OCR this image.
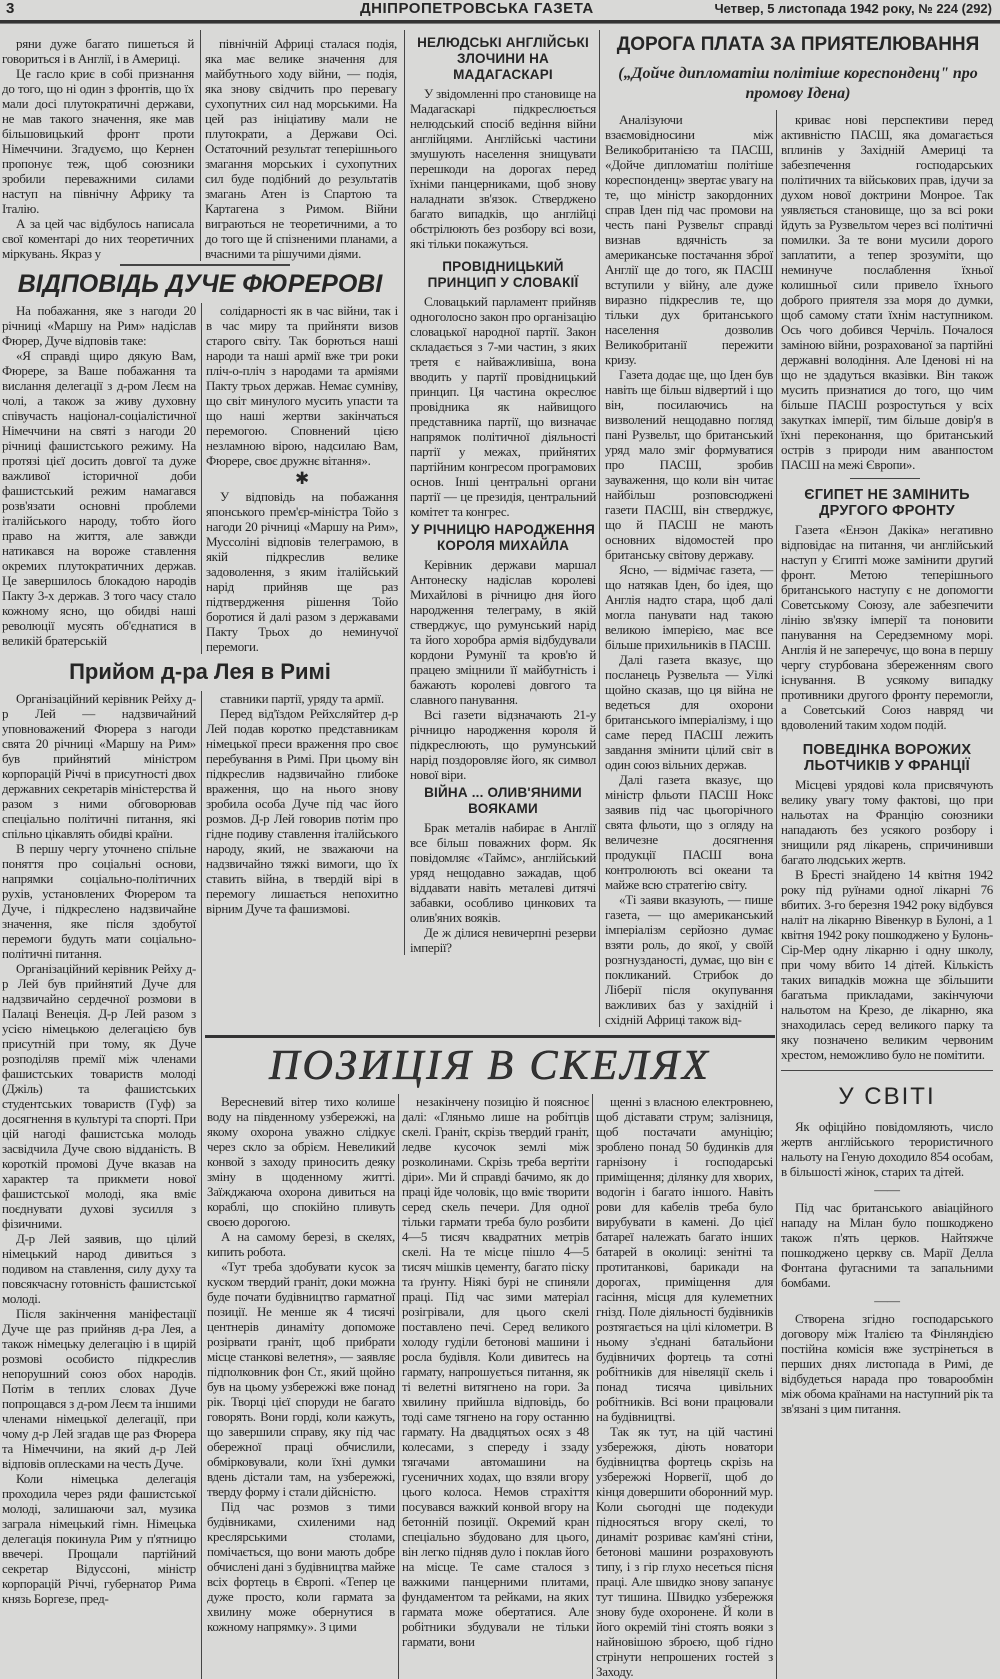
3	ДНІПРОПЕТРОВСЬКА ГАЗЕТА	Четвер, 5 листопада 1942 року, № 224 (292)

ряни дуже багато пишеться й говориться і в Англії, і в Америці.

Це гасло криє в собі признання до того, що ні один з фронтів, що їх мали досі плутократичні держави, не мав такого значення, яке мав більшовицький фронт проти Німеччини. Згадуємо, що Кернен пропонує теж, щоб союзники зробили переважними силами наступ на північну Африку та Італію.

А за цей час відбулось написала свої коментарі до них теоретичних міркувань. Якраз у

північній Африці сталася подія, яка має велике значення для майбутнього ходу війни, — подія, яка знову свідчить про перевагу сухопутних сил над морськими. На цей раз ініціативу мали не плутократи, а Держави Осі. Остаточний результат теперішнього змагання морських і сухопутних сил буде подібний до результатів змагань Атен із Спартою та Картагена з Римом. Війни виграються не теоретичними, а то до того ще й спізненими планами, а вчасними та рішучими діями.

ВІДПОВІДЬ ДУЧЕ ФЮРЕРОВІ

На побажання, яке з нагоди 20 річниці «Маршу на Рим» надіслав Фюрер, Дуче відповів таке:

«Я справді щиро дякую Вам, Фюрере, за Ваше побажання та вислання делегації з д-ром Леєм на чолі, а також за живу духовну співучасть націонал-соціалістичної Німеччини на святі з нагоди 20 річниці фашистського режиму. На протязі цієї досить довгої та дуже важливої історичної доби фашистський режим намагався розв'язати основні проблеми італійського народу, тобто його право на життя, але завжди натикався на вороже ставлення окремих плутократичних держав. Це завершилось блокадою народів Пакту 3-х держав. З того часу стало кожному ясно, що обидві наші революції мусять об'єднатися в великій братерській

солідарності як в час війни, так і в час миру та прийняти визов старого світу. Так борються наші народи та наші армії вже три роки пліч-о-пліч з народами та арміями Пакту трьох держав. Немає сумніву, що світ минулого мусить упасти та що наші жертви закінчаться перемогою. Сповнений цією незламною вірою, надсилаю Вам, Фюрере, своє дружнє вітання».

✱

У відповідь на побажання японського прем'єр-міністра Тойо з нагоди 20 річниці «Маршу на Рим», Муссоліні відповів телеграмою, в якій підкреслив велике задоволення, з яким італійський нарід прийняв ще раз підтвердження рішення Тойо боротися й далі разом з державами Пакту Трьох до неминучої перемоги.

Прийом д-ра Лея в Римі

Організаційний керівник Рейху д-р Лей — надзвичайний уповноважений Фюрера з нагоди свята 20 річниці «Маршу на Рим» був прийнятий міністром корпорацій Річчі в присутності двох державних секретарів міністерства й разом з ними обговорював спеціально політичні питання, які спільно цікавлять обидві країни.

В першу чергу уточнено спільне поняття про соціальні основи, напрямки соціально-політичних рухів, установлених Фюрером та Дуче, і підкреслено надзвичайне значення, яке після здобутої перемоги будуть мати соціально-політичні питання.

Організаційний керівник Рейху д-р Лей був прийнятий Дуче для надзвичайно сердечної розмови в Палаці Венеція. Д-р Лей разом з усією німецькою делегацією був присутній при тому, як Дуче розподіляв премії між членами фашистських товариств молоді (Джіль) та фашистських студентських товариств (Гуф) за досягнення в культурі та спорті. При цій нагоді фашистська молодь засвідчила Дуче свою відданість. В короткій промові Дуче вказав на характер та прикмети нової фашистської молоді, яка вміє поєднувати духові зусилля з фізичними.

Д-р Лей заявив, що цілий німецький народ дивиться з подивом на ставлення, силу духу та повсякчасну готовність фашистської молоді.

Після закінчення маніфестації Дуче ще раз прийняв д-ра Лея, а також німецьку делегацію і в щирій розмові особисто підкреслив непорушний союз обох народів. Потім в теплих словах Дуче попрощався з д-ром Леєм та іншими членами німецької делегації, при чому д-р Лей згадав ще раз Фюрера та Німеччини, на який д-р Лей відповів оплесками на честь Дуче.

Коли німецька делегація проходила через ряди фашистської молоді, залишаючи зал, музика заграла німецький гімн. Німецька делегація покинула Рим у п'ятницю ввечері. Прощали партійний секретар Відуссоні, міністр корпорацій Річчі, губернатор Рима князь Боргезе, пред-

ставники партії, уряду та армії.

Перед від'їздом Рейхсляйтер д-р Лей подав коротко представникам німецької преси враження про своє перебування в Римі. При цьому він підкреслив надзвичайно глибоке враження, що на нього знову зробила особа Дуче під час його розмов. Д-р Лей говорив потім про гідне подиву ставлення італійського народу, який, не зважаючи на надзвичайно тяжкі вимоги, що їх ставить війна, в твердій вірі в перемогу лишається непохитно вірним Дуче та фашизмові.

НЕЛЮДСЬКІ АНГЛІЙСЬКІ ЗЛОЧИНИ НА МАДАГАСКАРІ

У звідомленні про становище на Мадагаскарі підкреслюється нелюдський спосіб ведіння війни англійцями. Англійські частини змушують населення знищувати перешкоди на дорогах перед їхніми панцерниками, щоб знову наладнати зв'язок. Стверджено багато випадків, що англійці обстрілюють без розбору всі вози, які тільки покажуться.

ПРОВІДНИЦЬКИЙ ПРИНЦИП У СЛОВАКІЇ

Словацький парламент прийняв одноголосно закон про організацію словацької народної партії. Закон складається з 7-ми частин, з яких третя є найважливіша, вона вводить у партії провідницький принцип. Ця частина окреслює провідника як найвищого представника партії, що визначає напрямок політичної діяльності партії у межах, прийнятих партійним конгресом програмових основ. Інші центральні органи партії — це президія, центральний комітет та конгрес.

У РІЧНИЦЮ НАРОДЖЕННЯ КОРОЛЯ МИХАЙЛА

Керівник держави маршал Антонеску надіслав королеві Михайлові в річницю дня його народження телеграму, в якій стверджує, що румунський нарід та його хоробра армія відбудували кордони Румунії та кров'ю й працею зміцнили її майбутність і бажають королеві довгого та славного панування.

Всі газети відзначають 21-у річницю народження короля й підкреслюють, що румунський нарід поздоровляє його, як символ нової віри.

ВІЙНА ... ОЛИВ'ЯНИМИ ВОЯКАМИ

Брак металів набирає в Англії все більш поважних форм. Як повідомляє «Таймс», англійський уряд нещодавно зажадав, щоб віддавати навіть металеві дитячі забавки, особливо цинкових та олив'яних вояків.

Де ж ділися невичерпні резерви імперії?

ДОРОГА ПЛАТА ЗА ПРИЯТЕЛЮВАННЯ
(„Дойче дипломатіш політіше кореспонденц" про промову Ідена)

Аналізуючи взаємовідносини між Великобританією та ПАСШ, «Дойче дипломатіш політіше кореспонденц» звертає увагу на те, що міністр закордонних справ Іден під час промови на честь пані Рузвельт справді визнав вдячність за американське постачання зброї Англії ще до того, як ПАСШ вступили у війну, але дуже виразно підкреслив те, що тільки дух британського населення дозволив Великобританії пережити кризу.

Газета додає ще, що Іден був навіть ще більш відвертий і що він, посилаючись на визволений нещодавно погляд пані Рузвельт, що британський уряд мало зміг формуватися про ПАСШ, зробив зауваження, що коли він читає найбільш розповсюджені газети ПАСШ, він стверджує, що й ПАСШ не мають основних відомостей про британську світову державу.

Ясно, — відмічає газета, — що натякав Іден, бо ідея, що Англія надто стара, щоб далі могла панувати над такою великою імперією, має все більше прихильників в ПАСШ.

Далі газета вказує, що посланець Рузвельта — Уілкі щойно сказав, що ця війна не ведеться для охорони британського імперіалізму, і що саме перед ПАСШ лежить завдання змінити цілий світ в один союз вільних держав.

Далі газета вказує, що міністр фльоти ПАСШ Нокс заявив під час цьогорічного свята фльоти, що з огляду на величезне досягнення продукції ПАСШ вона контролюють всі океани та майже всю стратегію світу.

«Ті заяви вказують, — пише газета, — що американський імперіалізм серйозно думає взяти роль, до якої, у своїй розгнузданості, думає, що він є покликаний. Стрибок до Ліберії після окупування важливих баз у західній і східній Африці також від-

криває нові перспективи перед активністю ПАСШ, яка домагається вплинів у Західній Америці та забезпечення господарських політичних та військових прав, ідучи за духом нової доктрини Монрое. Так уявляється становище, що за всі роки йдуть за Рузвельтом через всі політичні помилки. За те вони мусили дорого заплатити, а тепер зрозуміти, що неминуче послаблення їхньої колишньої сили привело їхнього доброго приятеля зза моря до думки, щоб самому стати їхнім наступником. Ось чого добився Черчіль. Почалося заміною війни, розрахованої за партійні державні володіння. Але Іденові ні на що не здадуться вказівки. Він також мусить признатися до того, що чим більше ПАСШ розростуться у всіх закутках імперії, тим більше довір'я в їхні переконання, що британський острів з природи ним аванпостом ПАСШ на межі Європи».

ЄГИПЕТ НЕ ЗАМІНИТЬ ДРУГОГО ФРОНТУ

Газета «Енэон Дакіка» негативно відповідає на питання, чи англійський наступ у Єгипті може замінити другий фронт. Метою теперішнього британського наступу є не допомогти Советському Союзу, але забезпечити лінію зв'язку імперії та поновити панування на Середземному морі. Англія й не заперечує, що вона в першу чергу стурбована збереженням свого існування. В усякому випадку противники другого фронту перемогли, а Советський Союз навряд чи вдоволений таким ходом подій.

ПОВЕДІНКА ВОРОЖИХ ЛЬОТЧИКІВ У ФРАНЦІЇ

Місцеві урядові кола присвячують велику увагу тому фактові, що при нальотах на Францію союзники нападають без усякого розбору і знищили ряд лікарень, спричинивши багато людських жертв.

В Бресті знайдено 14 квітня 1942 року під руїнами одної лікарні 76 вбитих. 3-го березня 1942 року відбувся наліт на лікарню Вівенкур в Булоні, а 1 квітня 1942 року пошкоджено у Булонь-Сір-Мер одну лікарню і одну школу, при чому вбито 14 дітей. Кількість таких випадків можна ще збільшити багатьма прикладами, закінчуючи нальотом на Крезо, де лікарню, яка знаходилась серед великого парку та яку позначено великим червоним хрестом, неможливо було не помітити.

У СВІТІ

Як офіційно повідомляють, число жертв англійського терористичного нальоту на Геную доходило 854 особам, в більшості жінок, старих та дітей.

——

Під час британського авіаційного нападу на Мілан було пошкоджено також п'ять церков. Найтяжче пошкоджено церкву св. Марії Делла Фонтана фугасними та запальними бомбами.

——

Створена згідно господарського договору між Італією та Фінляндією постійна комісія вже зустрінеться в перших днях листопада в Римі, де відбудеться нарада про товарообмін між обома країнами на наступний рік та зв'язані з цим питання.

ПОЗИЦІЯ В СКЕЛЯХ

Вересневий вітер тихо колише воду на південному узбережжі, на якому охорона уважно слідкує через скло за обрієм. Невеликий конвой з заходу приносить деяку зміну в щоденному житті. Заїжджаюча охорона дивиться на кораблі, що спокійно пливуть своєю дорогою.

А на самому березі, в скелях, кипить робота.

«Тут треба здобувати кусок за куском твердий граніт, доки можна буде почати будівництво гарматної позиції. Не менше як 4 тисячі центнерів динаміту допоможе розірвати граніт, щоб прибрати місце станкові велетня», — заявляє підполковник фон Ст., який щойно був на цьому узбережжі вже понад рік. Творці цієї споруди не багато говорять. Вони горді, коли кажуть, що завершили справу, яку під час обережної праці обчислили, обмірковували, коли їхні думки вдень дістали там, на узбережжі, тверду форму і стали дійсністю.

Під час розмов з тими будівниками, схиленими над креслярськими столами, помічається, що вони мають добре обчислені дані з будівництва майже всіх фортець в Європі. «Тепер це дуже просто, коли гармата за хвилину може обернутися в кожному напрямку». З цими

незакінчену позицію й пояснює далі: «Гляньмо лише на робітців скелі. Граніт, скрізь твердий граніт, ледве кусочок землі між розколинами. Скрізь треба вертіти діри». Ми й справді бачимо, як до праці йде чоловік, що вміє творити серед скель печери. Для одної тільки гармати треба було розбити 4—5 тисяч квадратних метрів скелі. На те місце пішло 4—5 тисяч мішків цементу, багато піску та ґрунту. Ніякі бурі не спиняли праці. Під час зими матеріал розігрівали, для цього скелі поставлено печі. Серед великого холоду гуділи бетонові машини і росла будівля. Коли дивитесь на гармату, напрошується питання, як ті велетні витягнено на гори. За хвилину прийшла відповідь, бо тоді саме тягнено на гору останню гармату. На двадцятьох осях з 48 колесами, з спереду і ззаду тягачами автомашини на гусеничних ходах, що взяли вгору цього колоса. Немов страхіття посувався важкий конвой вгору на бетонній позиції. Окремий кран спеціально збудовано для цього, він легко підняв дуло і поклав його на місце. Те саме сталося з важкими панцерними плитами, фундаментом та рейками, на яких гармата може обертатися. Але робітники збудували не тільки гармати, вони

щенні з власною електровнею, щоб діставати струм; залізниця, щоб постачати амуніцію; зроблено понад 50 будинків для гарнізону і господарські приміщення; ділянку для хворих, водогін і багато іншого. Навіть рови для кабелів треба було вирубувати в камені. До цієї батареї належать багато інших батарей в околиці: зенітні та протитанкові, барикади на дорогах, приміщення для гасіння, місця для кулеметних гнізд. Поле діяльності будівників розтягається на цілі кілометри. В ньому з'єднані батальйони будівничих фортець та сотні робітників для нівеляції скель і понад тисяча цивільних робітників. Всі вони працювали на будівництві.

Так як тут, на цій частині узбережжя, діють новатори будівництва фортець скрізь на узбережжі Норвегії, щоб до кінця довершити оборонний мур. Коли сьогодні ще подекуди підносяться вгору скелі, то динаміт розриває кам'яні стіни, бетонові машини розраховують типу, і з гір глухо несеться пісня праці. Але швидко знову запанує тут тишина. Швидко узбережжя знову буде охоронене. Й коли в його окремій тіні стоять вояки з найновішою зброєю, щоб гідно стрінути непрошених гостей з Заходу.
